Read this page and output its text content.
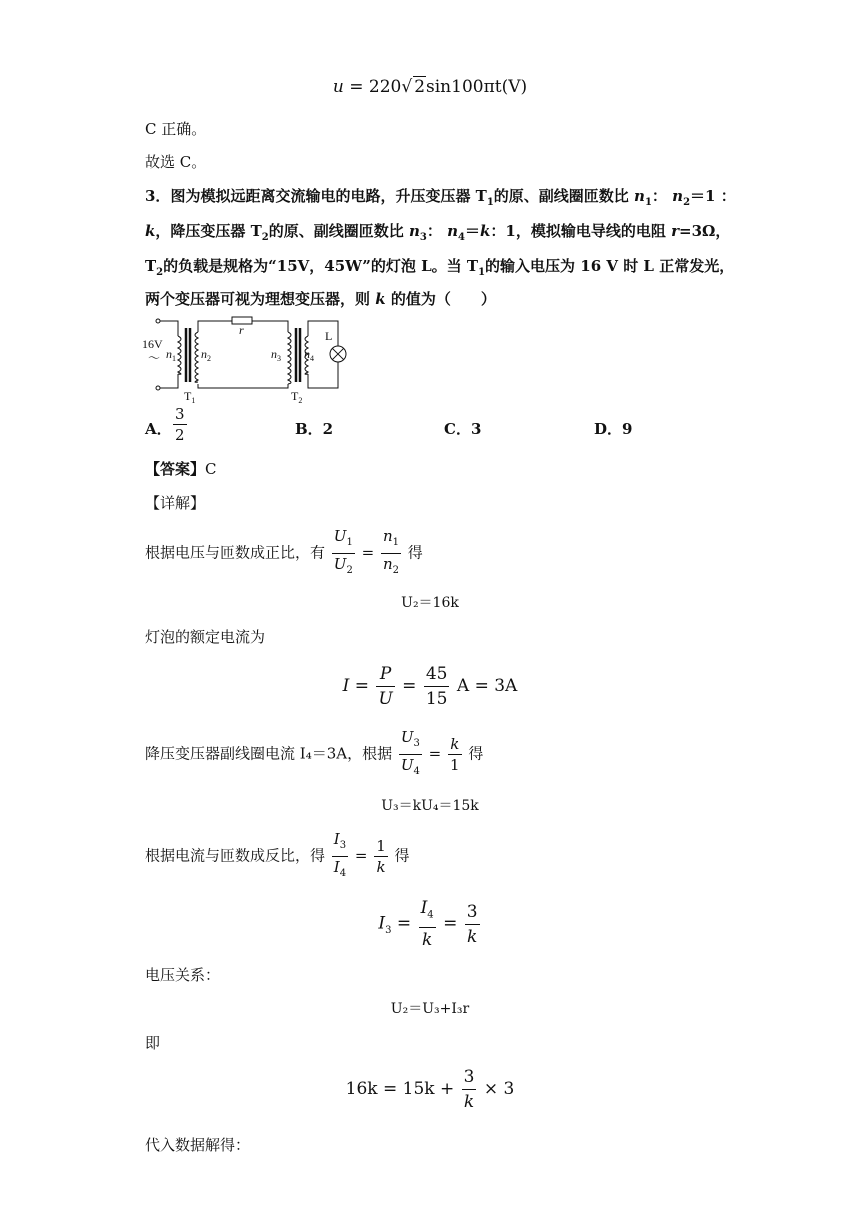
u = 220√ 2sin100πt(V)
C 正确。
故选 C。
3．图为模拟远距离交流输电的电路，升压变压器 $T_1$的原、副线圈匝数比 $n_1$： $n_2=1$ ：
k，降压变压器 $T_2$的原、副线圈匝数比 $n_3$： $n_4=k$：1，模拟输电导线的电阻 r=3Ω，
$T_2$的负载是规格为“15V，45W”的灯泡 L。当 $T_1$的输入电压为 16 V 时 L 正常发光，
两个变压器可视为理想变压器，则 k 的值为（　　）
16V
～ $n_1$ $n_2$	$n_3$ $n_4$
r	L
$T_1$	$T_2$
A． $\frac{3}{2}$	B．2	C．3	D．9
【答案】C
【详解】
根据电压与匝数成正比，有 $\frac{U_1}{U_2} = \frac{n_1}{n_2}$ 得
U₂＝16k
灯泡的额定电流为
$I = \frac{P}{U} = \frac{45}{15}$ A = 3A
降压变压器副线圈电流 I₄＝3A，根据 $\frac{U_3}{U_4} = \frac{k}{1}$ 得
U₃＝kU₄＝15k
根据电流与匝数成反比，得 $\frac{I_3}{I_4} = \frac{1}{k}$ 得
$I_3 = \frac{I_4}{k} = \frac{3}{k}$
电压关系：
U₂＝U₃+I₃r
即
$16k = 15k + \frac{3}{k} \times 3$
代入数据解得：
